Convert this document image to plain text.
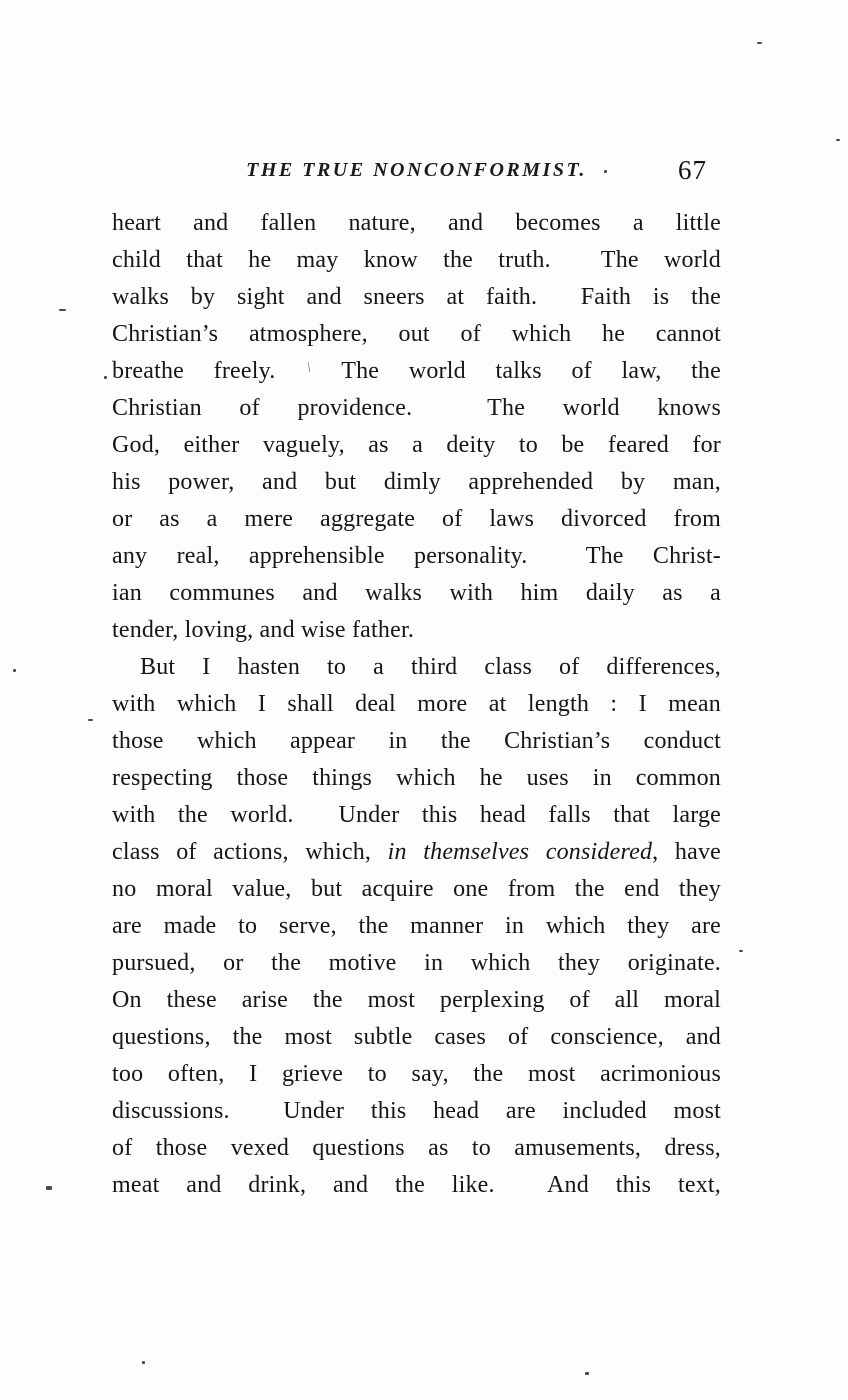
THE TRUE NONCONFORMIST.	67
heart and fallen nature, and becomes a little
child that he may know the truth.  The world
walks by sight and sneers at faith.  Faith is the
Christian’s atmosphere, out of which he cannot
breathe freely. \ The world talks of law, the
Christian of providence.  The world knows
God, either vaguely, as a deity to be feared for
his power, and but dimly apprehended by man,
or as a mere aggregate of laws divorced from
any real, apprehensible personality.  The Christ-
ian communes and walks with him daily as a
tender, loving, and wise father.
But I hasten to a third class of differences,
with which I shall deal more at length : I mean
those which appear in the Christian’s conduct
respecting those things which he uses in common
with the world.  Under this head falls that large
class of actions, which, in themselves considered, have
no moral value, but acquire one from the end they
are made to serve, the manner in which they are
pursued, or the motive in which they originate.
On these arise the most perplexing of all moral
questions, the most subtle cases of conscience, and
too often, I grieve to say, the most acrimonious
discussions.  Under this head are included most
of those vexed questions as to amusements, dress,
meat and drink, and the like.  And this text,
